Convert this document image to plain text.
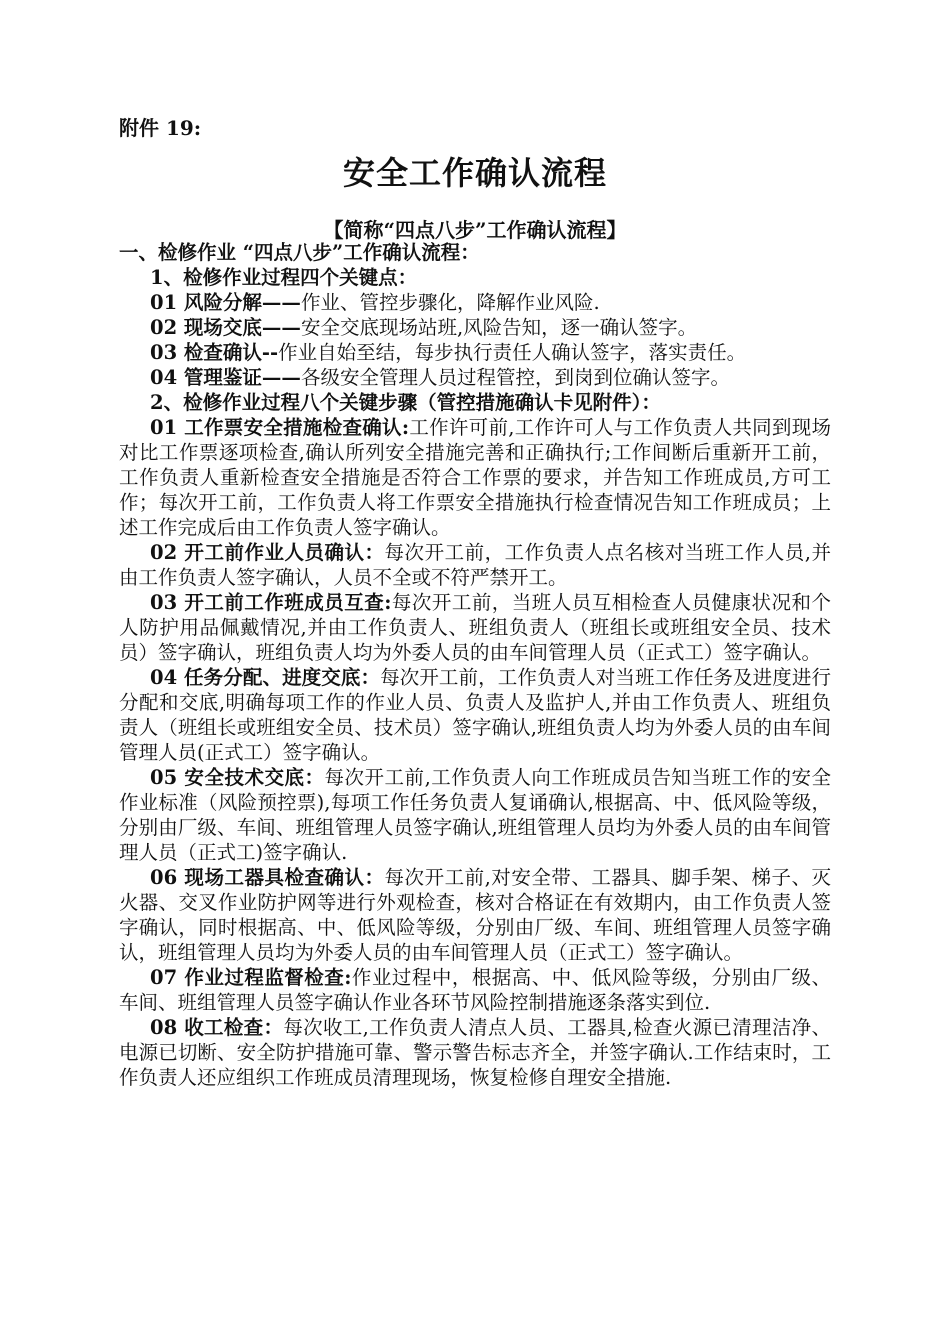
附件 19:
安全工作确认流程
【简称“四点八步”工作确认流程】

一、检修作业 “四点八步”工作确认流程：

1、检修作业过程四个关键点：

01 风险分解——作业、管控步骤化，降解作业风险.

02 现场交底——安全交底现场站班,风险告知，逐一确认签字。

03 检查确认--作业自始至结，每步执行责任人确认签字，落实责任。

04 管理鉴证——各级安全管理人员过程管控，到岗到位确认签字。

2、检修作业过程八个关键步骤（管控措施确认卡见附件）：

01 工作票安全措施检查确认:工作许可前,工作许可人与工作负责人共同到现场对比工作票逐项检查,确认所列安全措施完善和正确执行;工作间断后重新开工前，工作负责人重新检查安全措施是否符合工作票的要求，并告知工作班成员,方可工作；每次开工前，工作负责人将工作票安全措施执行检查情况告知工作班成员；上述工作完成后由工作负责人签字确认。

02 开工前作业人员确认：每次开工前，工作负责人点名核对当班工作人员,并由工作负责人签字确认，人员不全或不符严禁开工。

03 开工前工作班成员互查:每次开工前，当班人员互相检查人员健康状况和个人防护用品佩戴情况,并由工作负责人、班组负责人（班组长或班组安全员、技术员）签字确认，班组负责人均为外委人员的由车间管理人员（正式工）签字确认。

04 任务分配、进度交底：每次开工前，工作负责人对当班工作任务及进度进行分配和交底,明确每项工作的作业人员、负责人及监护人,并由工作负责人、班组负责人（班组长或班组安全员、技术员）签字确认,班组负责人均为外委人员的由车间管理人员(正式工）签字确认。

05 安全技术交底：每次开工前,工作负责人向工作班成员告知当班工作的安全作业标准（风险预控票),每项工作任务负责人复诵确认,根据高、中、低风险等级，分别由厂级、车间、班组管理人员签字确认,班组管理人员均为外委人员的由车间管理人员（正式工)签字确认.

06 现场工器具检查确认：每次开工前,对安全带、工器具、脚手架、梯子、灭火器、交叉作业防护网等进行外观检查，核对合格证在有效期内，由工作负责人签字确认，同时根据高、中、低风险等级，分别由厂级、车间、班组管理人员签字确认，班组管理人员均为外委人员的由车间管理人员（正式工）签字确认。

07 作业过程监督检查:作业过程中，根据高、中、低风险等级，分别由厂级、车间、班组管理人员签字确认作业各环节风险控制措施逐条落实到位.

08 收工检查：每次收工,工作负责人清点人员、工器具,检查火源已清理洁净、电源已切断、安全防护措施可靠、警示警告标志齐全，并签字确认.工作结束时，工作负责人还应组织工作班成员清理现场，恢复检修自理安全措施.
